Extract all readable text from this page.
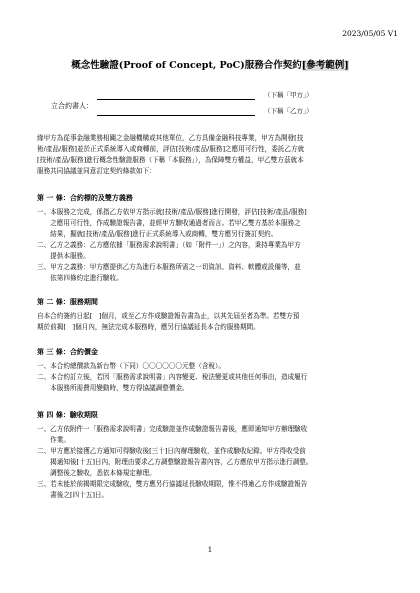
2023/05/05 V1
概念性驗證(Proof of Concept, PoC)服務合作契約[參考範例]
立合約書人：
（下稱「甲方」）
（下稱「乙方」）
緣甲方為從事金融業務相關之金融機構或其他單位，乙方具備金融科技專業，甲方為開發[技
術/產品/服務]並於正式系統導入或商轉前，評估[技術/產品/服務]之應用可行性，委託乙方就
[技術/產品/服務]進行概念性驗證服務（下稱「本服務」），為保障雙方權益，甲乙雙方茲就本
服務共同協議並同意訂定契約條款如下：
第 一 條：合約標的及雙方義務
一、本服務之完成，係指乙方依甲方指示就[技術/產品/服務]進行開發，評估[技術/產品/服務]
　　之應用可行性，作成驗證報告書，並經甲方驗收通過者而言。若甲乙雙方基於本服務之
　　結果，擬就[技術/產品/服務]進行正式系統導入或商轉，雙方應另行簽訂契約。
二、乙方之義務：乙方應依據「服務需求說明書」（如「附件一」）之內容，秉持專業為甲方
　　提供本服務。
三、甲方之義務：甲方應提供乙方為進行本服務所需之一切資訊、資料、軟體或設備等，並
　　依第四條約定進行驗收。
第 二 條：服務期間
自本合約簽約日起[　]個月，或至乙方作成驗證報告書為止，以其先屆至者為準。若雙方預
期於前揭[　]個月內，無法完成本服務時，應另行協議延長本合約服務期間。
第 三 條：合約價金
一、本合約總價款為新台幣（下同）〇〇〇〇〇〇元整（含稅）。
二、本合約訂立後，若因「服務需求說明書」內容變更、稅法變更或其他任何事由，造成履行
　　本服務所需費用變動時，雙方得協議調整價金。
第 四 條：驗收期限
一、乙方依附件一「服務需求說明書」完成驗證並作成驗證報告書後，應即通知甲方辦理驗收
　　作業。
二、甲方應於接獲乙方通知可得驗收後[三十]日內辦理驗收，並作成驗收紀錄。甲方得收受前
　　揭通知後[十五]日內，附理由要求乙方調整驗證報告書內容，乙方應依甲方指示進行調整。
　　調整後之驗收，悉依本條規定辦理。
三、若未能於前揭期限完成驗收，雙方應另行協議延長驗收期限，惟不得逾乙方作成驗證報告
　　書後之[四十五]日。
1
